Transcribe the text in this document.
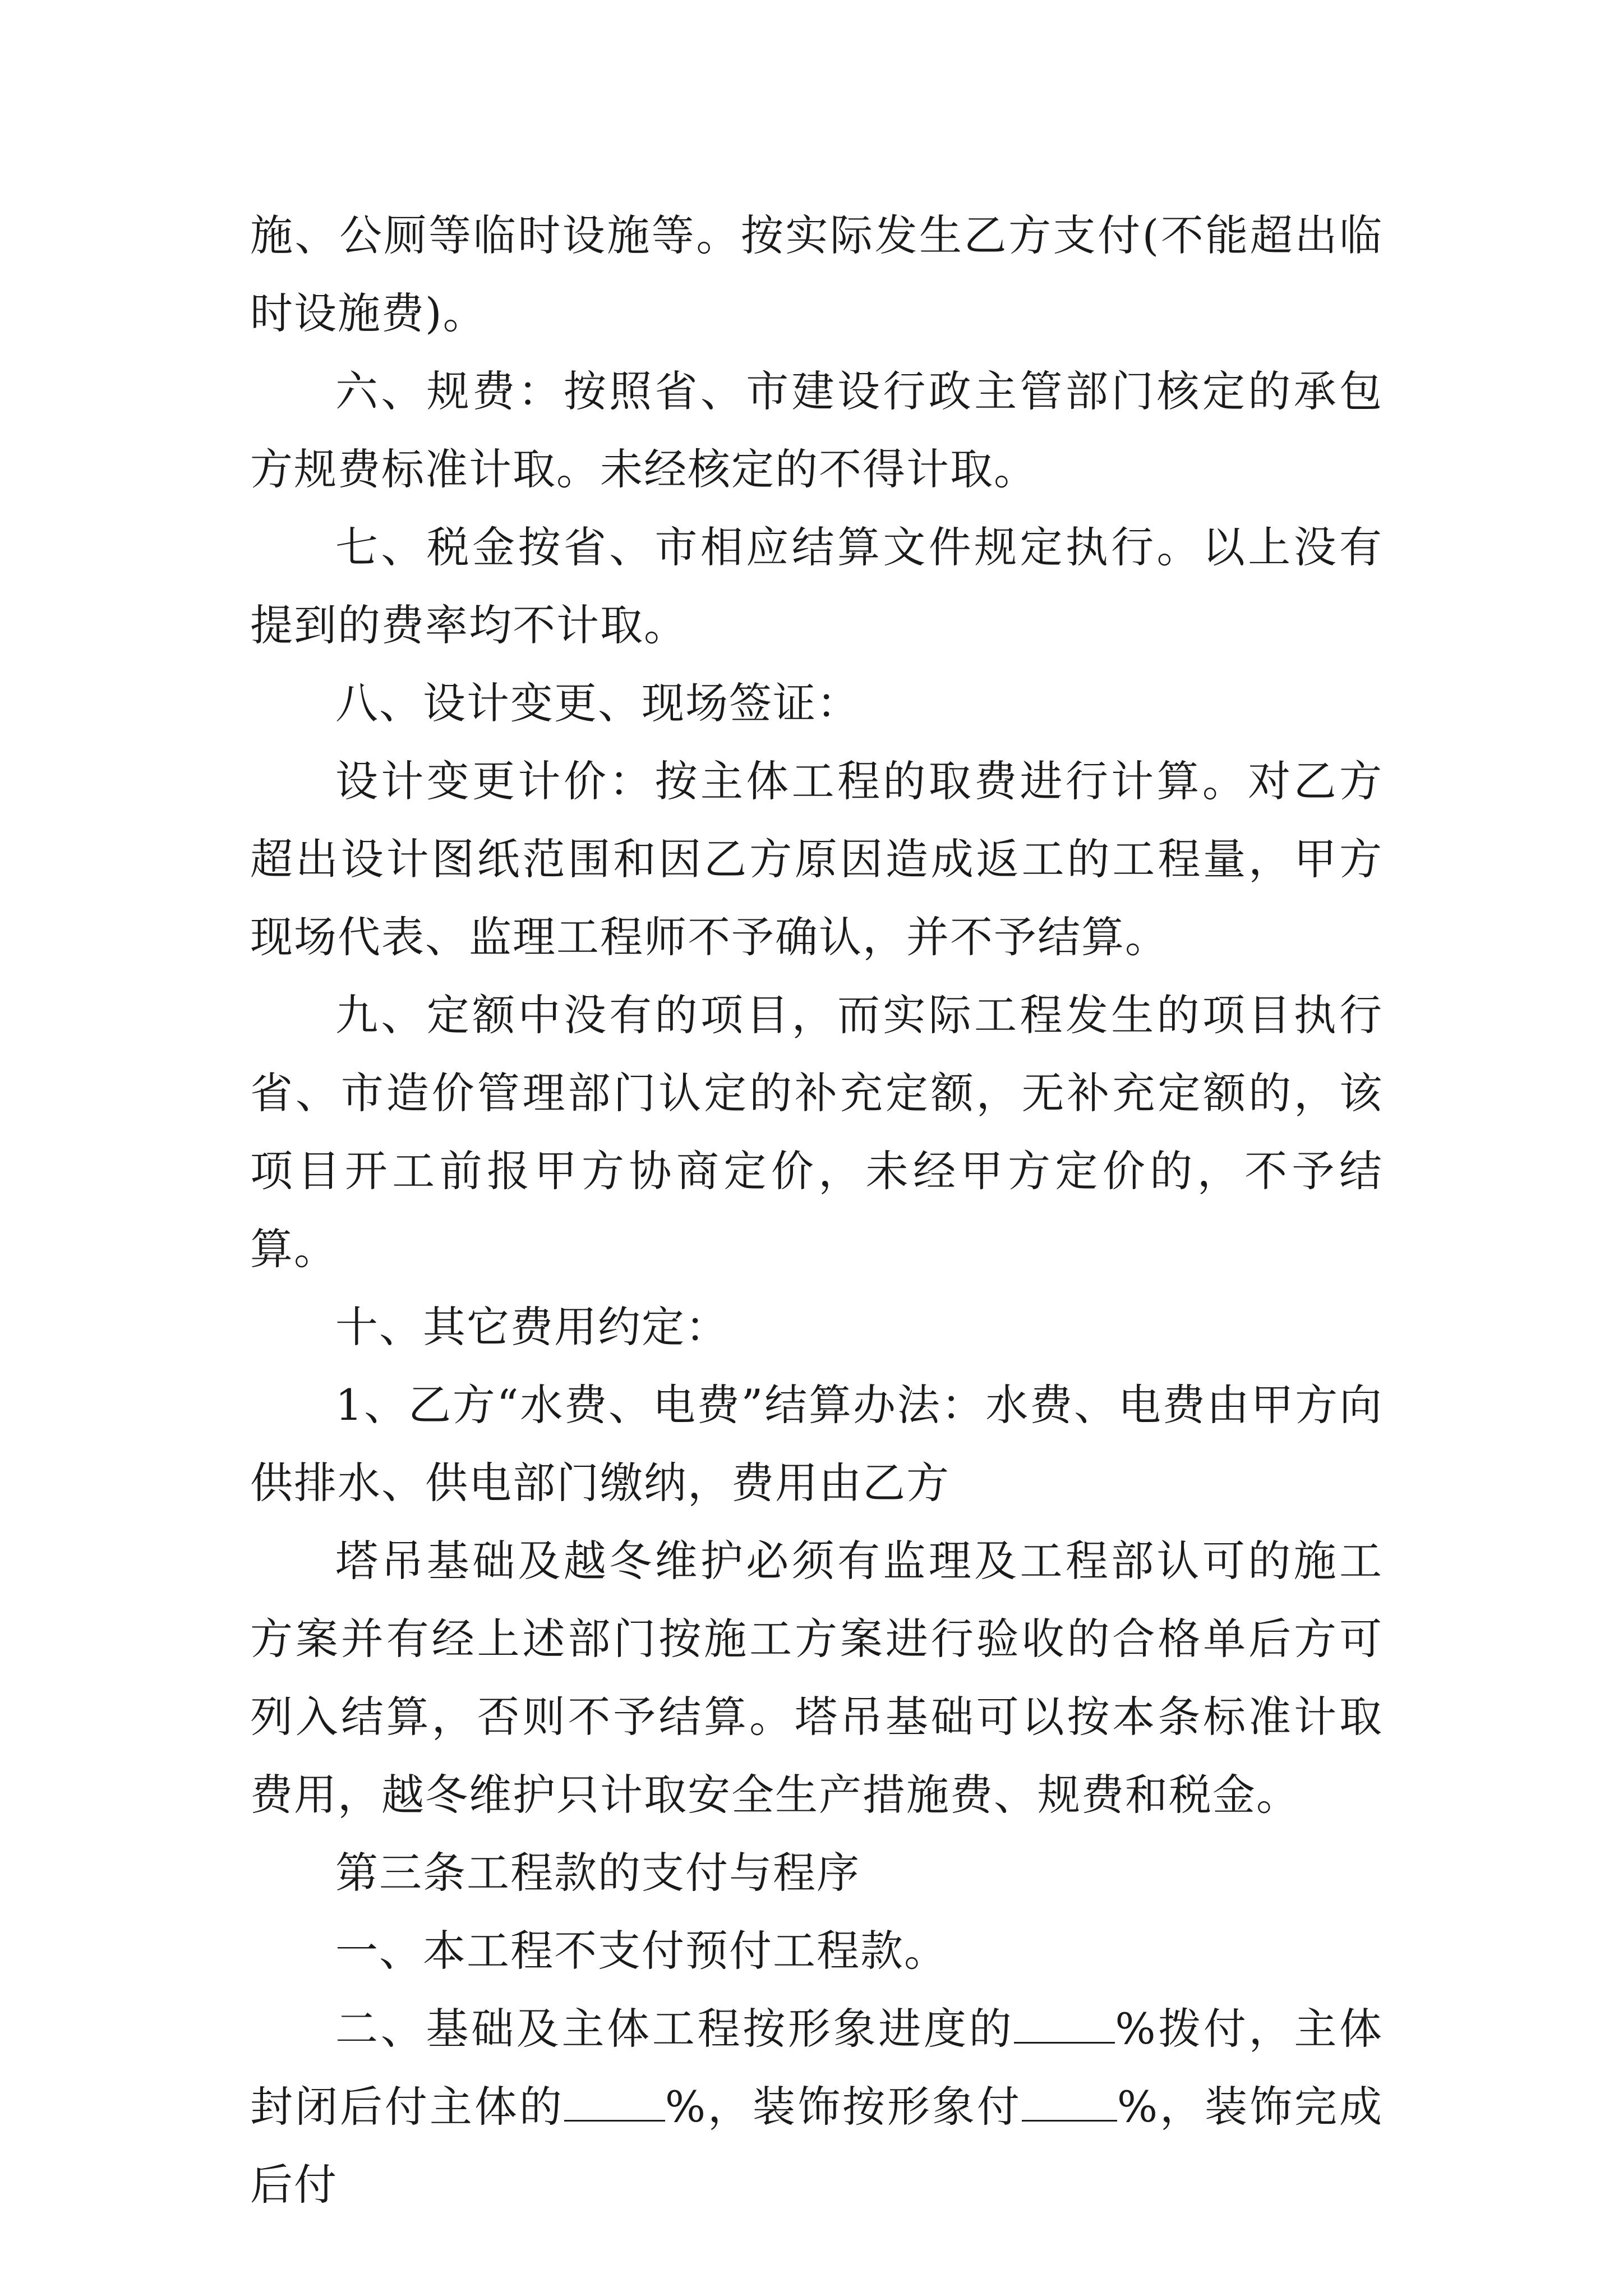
施、公厕等临时设施等。按实际发生乙方支付(不能超出临时设施费)。

六、规费：按照省、市建设行政主管部门核定的承包方规费标准计取。未经核定的不得计取。

七、税金按省、市相应结算文件规定执行。以上没有提到的费率均不计取。

八、设计变更、现场签证：

设计变更计价：按主体工程的取费进行计算。对乙方超出设计图纸范围和因乙方原因造成返工的工程量，甲方现场代表、监理工程师不予确认，并不予结算。

九、定额中没有的项目，而实际工程发生的项目执行省、市造价管理部门认定的补充定额，无补充定额的，该项目开工前报甲方协商定价，未经甲方定价的，不予结算。

十、其它费用约定：

1、乙方“水费、电费”结算办法：水费、电费由甲方向供排水、供电部门缴纳，费用由乙方

塔吊基础及越冬维护必须有监理及工程部认可的施工方案并有经上述部门按施工方案进行验收的合格单后方可列入结算，否则不予结算。塔吊基础可以按本条标准计取费用，越冬维护只计取安全生产措施费、规费和税金。

第三条工程款的支付与程序

一、本工程不支付预付工程款。

二、基础及主体工程按形象进度的 %拨付，主体封闭后付主体的 %，装饰按形象付 %，装饰完成后付
